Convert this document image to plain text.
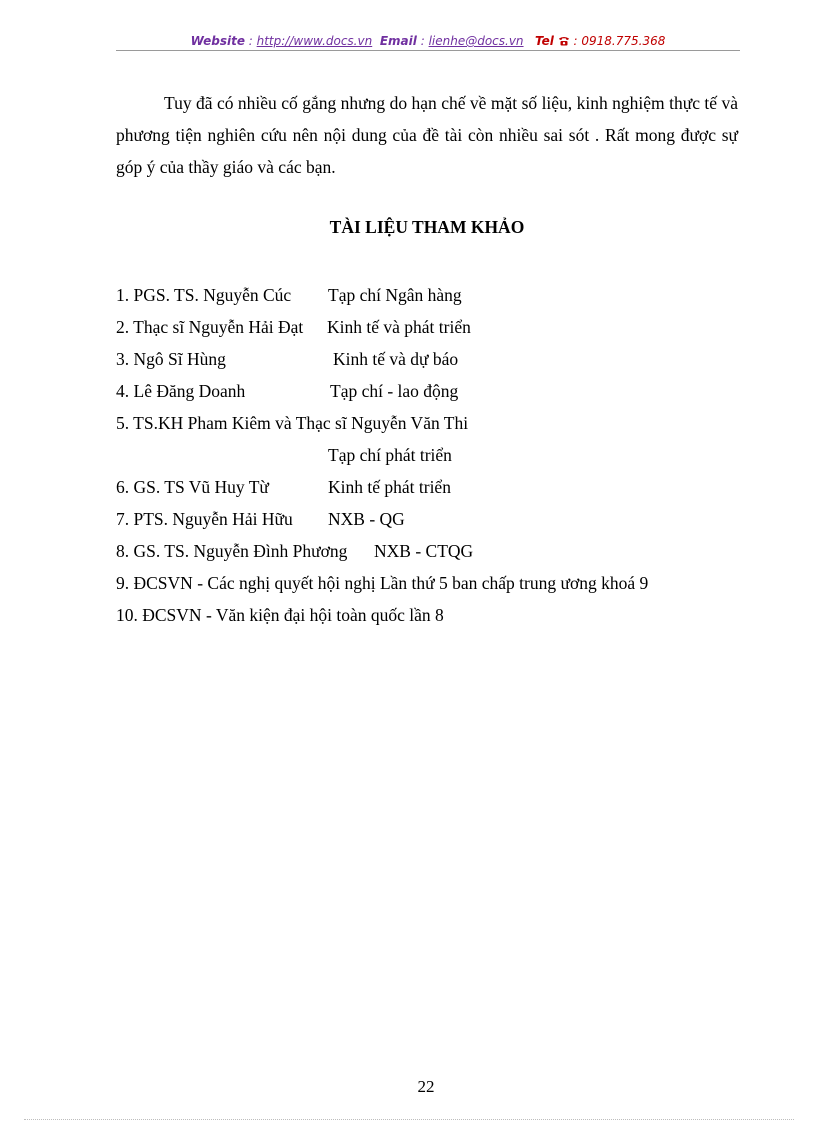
Website : http://www.docs.vn Email : lienhe@docs.vn Tel  : 0918.775.368

Tuy đã có nhiều cố gắng nhưng do hạn chế về mặt số liệu, kinh nghiệm thực tế và phương tiện nghiên cứu nên nội dung của đề tài còn nhiều sai sót . Rất mong được sự góp ý của thầy giáo và các bạn.

TÀI LIỆU THAM KHẢO
1. PGS. TS. Nguyễn Cúc Tạp chí Ngân hàng
2. Thạc sĩ Nguyễn Hải Đạt Kinh tế và phát triển
3. Ngô Sĩ Hùng	Kinh tế và dự báo
4. Lê Đăng Doanh	Tạp chí - lao động
5. TS.KH Pham Kiêm và Thạc sĩ Nguyễn Văn Thi
Tạp chí phát triển
6. GS. TS Vũ Huy Từ	Kinh tế phát triển
7. PTS. Nguyễn Hải Hữu NXB - QG
8. GS. TS. Nguyễn Đình Phương NXB - CTQG
9. ĐCSVN - Các nghị quyết hội nghị Lần thứ 5 ban chấp trung ương khoá 9
10. ĐCSVN - Văn kiện đại hội toàn quốc lần 8
22
